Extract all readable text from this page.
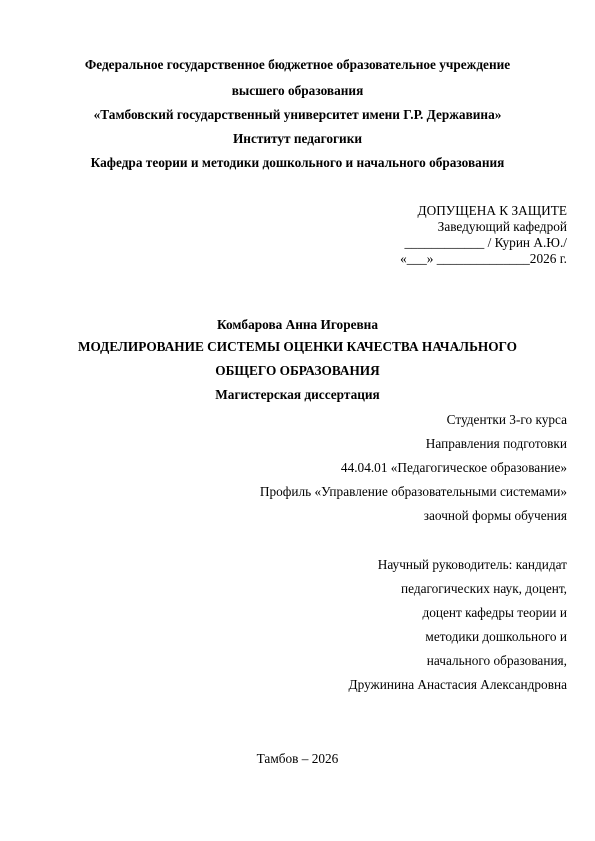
Федеральное государственное бюджетное образовательное учреждение
высшего образования
«Тамбовский государственный университет имени Г.Р. Державина»
Институт педагогики
Кафедра теории и методики дошкольного и начального образования
ДОПУЩЕНА К ЗАЩИТЕ
Заведующий кафедрой
____________ / Курин А.Ю./
«___» ______________2026 г.
Комбарова Анна Игоревна
МОДЕЛИРОВАНИЕ СИСТЕМЫ ОЦЕНКИ КАЧЕСТВА НАЧАЛЬНОГО
ОБЩЕГО ОБРАЗОВАНИЯ
Магистерская диссертация
Студентки 3-го курса
Направления подготовки
44.04.01 «Педагогическое образование»
Профиль «Управление образовательными системами»
заочной формы обучения
Научный руководитель: кандидат
педагогических наук, доцент,
доцент кафедры теории и
методики дошкольного и
начального образования,
Дружинина Анастасия Александровна
Тамбов – 2026
